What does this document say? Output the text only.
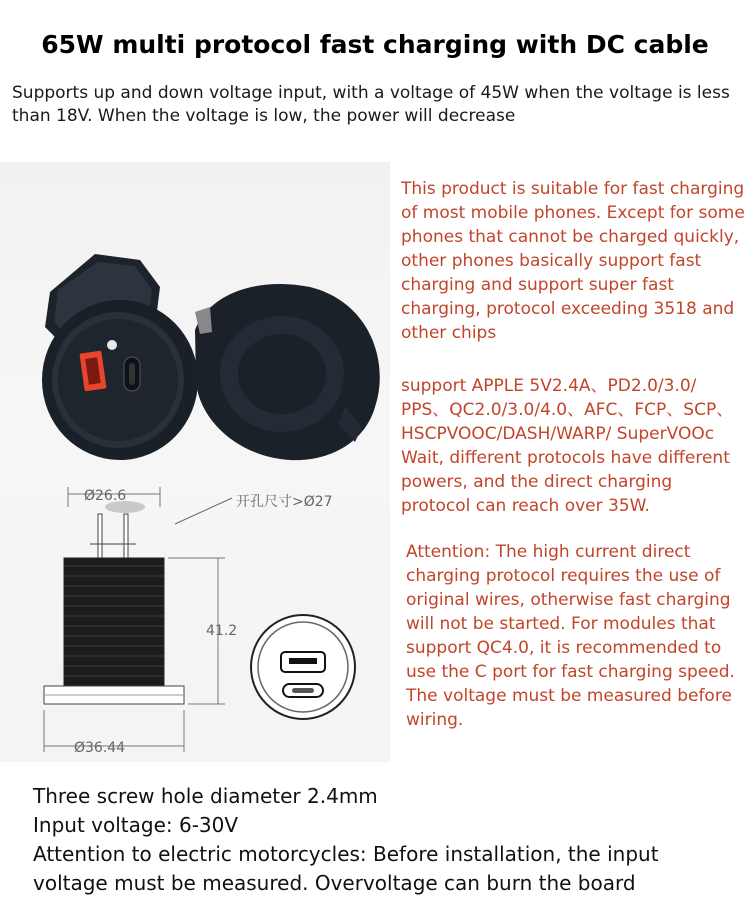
65W multi protocol fast charging with DC cable
Supports up and down voltage input, with a voltage of 45W when the voltage is less than 18V. When the voltage is low, the power will decrease
Ø26.6	开孔尺寸>Ø27
41.2
Ø36.44
This product is suitable for fast charging of most mobile phones. Except for some phones that cannot be charged quickly, other phones basically support fast charging and support super fast charging, protocol exceeding 3518 and other chips
support APPLE 5V2.4A、PD2.0/3.0/ PPS、QC2.0/3.0/4.0、AFC、FCP、SCP、HSCPVOOC/DASH/WARP/ SuperVOOc Wait, different protocols have different powers, and the direct charging protocol can reach over 35W.
Attention: The high current direct charging protocol requires the use of original wires, otherwise fast charging will not be started. For modules that support QC4.0, it is recommended to use the C port for fast charging speed. The voltage must be measured before wiring.
Three screw hole diameter 2.4mm
Input voltage: 6-30V
Attention to electric motorcycles: Before installation, the input voltage must be measured. Overvoltage can burn the board
